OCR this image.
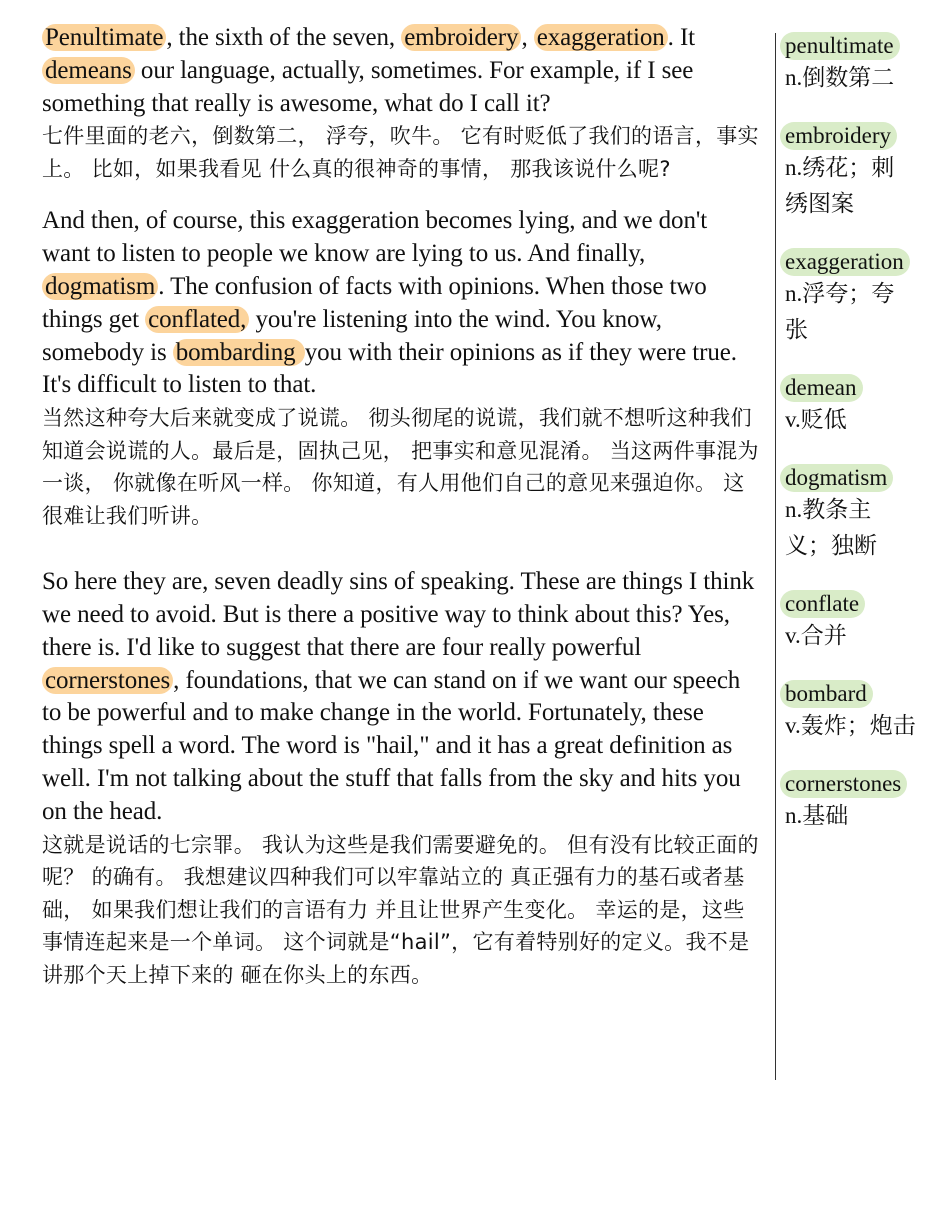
Penultimate , the sixth of the seven, embroidery , exaggeration . It demeans our language, actually, sometimes. For example, if I see something that really is awesome, what do I call it?

七件里面的老六，倒数第二， 浮夸，吹牛。 它有时贬低了我们的语言，事实上。 比如，如果我看见 什么真的很神奇的事情， 那我该说什么呢?

And then, of course, this exaggeration becomes lying, and we don't want to listen to people we know are lying to us. And finally, dogmatism . The confusion of facts with opinions. When those two things get conflated, you're listening into the wind. You know, somebody is bombarding you with their opinions as if they were true. It's difficult to listen to that.

当然这种夸大后来就变成了说谎。 彻头彻尾的说谎，我们就不想听这种我们知道会说谎的人。最后是，固执己见， 把事实和意见混淆。 当这两件事混为一谈， 你就像在听风一样。 你知道，有人用他们自己的意见来强迫你。 这很难让我们听讲。

So here they are, seven deadly sins of speaking. These are things I think we need to avoid. But is there a positive way to think about this? Yes, there is. I'd like to suggest that there are four really powerful cornerstones , foundations, that we can stand on if we want our speech to be powerful and to make change in the world. Fortunately, these things spell a word. The word is "hail," and it has a great definition as well. I'm not talking about the stuff that falls from the sky and hits you on the head.

这就是说话的七宗罪。 我认为这些是我们需要避免的。 但有没有比较正面的呢？ 的确有。 我想建议四种我们可以牢靠站立的 真正强有力的基石或者基础， 如果我们想让我们的言语有力 并且让世界产生变化。 幸运的是，这些事情连起来是一个单词。 这个词就是“hail”，它有着特别好的定义。我不是讲那个天上掉下来的 砸在你头上的东西。

penultimate
n.倒数第二
embroidery
n.绣花；刺绣图案
exaggeration
n.浮夸；夸张
demean
v.贬低
dogmatism
n.教条主义；独断
conflate
v.合并
bombard
v.轰炸；炮击
cornerstones
n.基础
